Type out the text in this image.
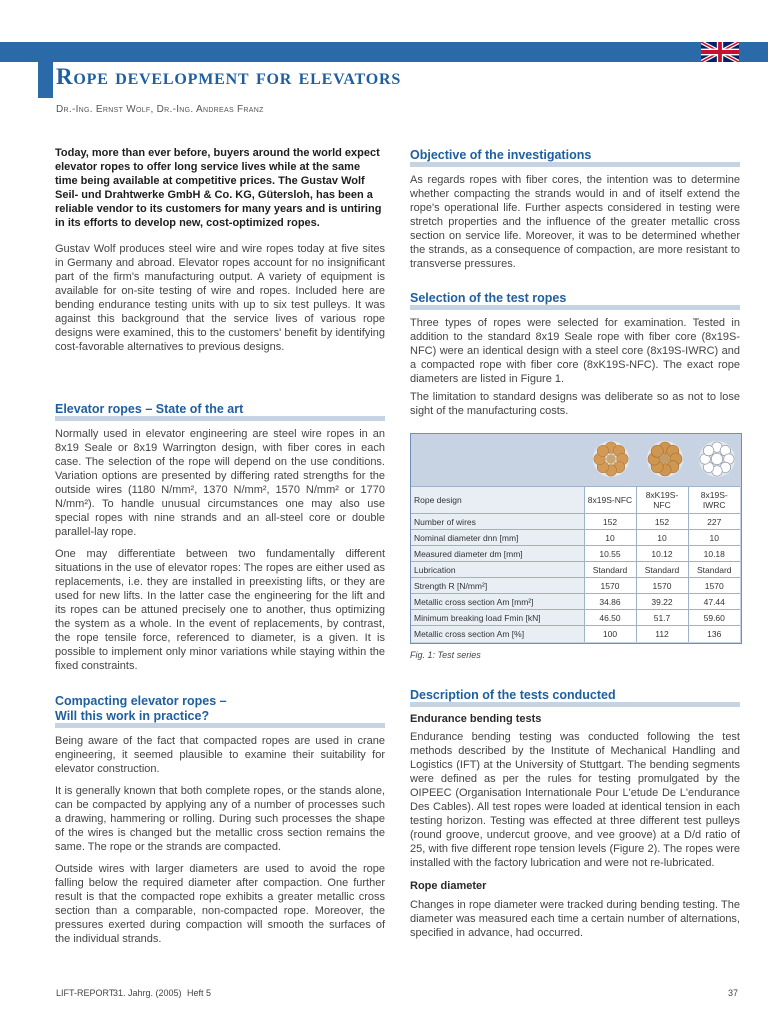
Rope development for elevators
Dr.-Ing. Ernst Wolf, Dr.-Ing. Andreas Franz
Today, more than ever before, buyers around the world expect elevator ropes to offer long service lives while at the same time being available at competitive prices. The Gustav Wolf Seil- und Drahtwerke GmbH & Co. KG, Gütersloh, has been a reliable vendor to its customers for many years and is untiring in its efforts to develop new, cost-optimized ropes.
Gustav Wolf produces steel wire and wire ropes today at five sites in Germany and abroad. Elevator ropes account for no insignificant part of the firm's manufacturing output. A variety of equipment is available for on-site testing of wire and ropes. Included here are bending endurance testing units with up to six test pulleys. It was against this background that the service lives of various rope designs were examined, this to the customers' benefit by identifying cost-favorable alternatives to previous designs.
Elevator ropes – State of the art
Normally used in elevator engineering are steel wire ropes in an 8x19 Seale or 8x19 Warrington design, with fiber cores in each case. The selection of the rope will depend on the use conditions. Variation options are presented by differing rated strengths for the outside wires (1180 N/mm², 1370 N/mm², 1570 N/mm² or 1770 N/mm²). To handle unusual circumstances one may also use special ropes with nine strands and an all-steel core or double parallel-lay rope.
One may differentiate between two fundamentally different situations in the use of elevator ropes: The ropes are either used as replacements, i.e. they are installed in preexisting lifts, or they are used for new lifts. In the latter case the engineering for the lift and its ropes can be attuned precisely one to another, thus optimizing the system as a whole. In the event of replacements, by contrast, the rope tensile force, referenced to diameter, is a given. It is possible to implement only minor variations while staying within the fixed constraints.
Compacting elevator ropes –
Will this work in practice?
Being aware of the fact that compacted ropes are used in crane engineering, it seemed plausible to examine their suitability for elevator construction.
It is generally known that both complete ropes, or the stands alone, can be compacted by applying any of a number of processes such a drawing, hammering or rolling. During such processes the shape of the wires is changed but the metallic cross section remains the same. The rope or the strands are compacted.
Outside wires with larger diameters are used to avoid the rope falling below the required diameter after compaction. One further result is that the compacted rope exhibits a greater metallic cross section than a comparable, non-compacted rope. Moreover, the pressures exerted during compaction will smooth the surfaces of the individual strands.
Objective of the investigations
As regards ropes with fiber cores, the intention was to determine whether compacting the strands would in and of itself extend the rope's operational life. Further aspects considered in testing were stretch properties and the influence of the greater metallic cross section on service life. Moreover, it was to be determined whether the strands, as a consequence of compaction, are more resistant to transverse pressures.
Selection of the test ropes
Three types of ropes were selected for examination. Tested in addition to the standard 8x19 Seale rope with fiber core (8x19S-NFC) were an identical design with a steel core (8x19S-IWRC) and a compacted rope with fiber core (8xK19S-NFC). The exact rope diameters are listed in Figure 1.
The limitation to standard designs was deliberate so as not to lose sight of the manufacturing costs.
Rope design	8x19S-NFC	8xK19S-NFC	8x19S-IWRC
Number of wires	152	152	227
Nominal diameter dnn [mm]	10	10	10
Measured diameter dm [mm]	10.55	10.12	10.18
Lubrication	Standard	Standard	Standard
Strength R [N/mm²]	1570	1570	1570
Metallic cross section Am [mm²]	34.86	39.22	47.44
Minimum breaking load Fmin [kN]	46.50	51.7	59.60
Metallic cross section Am [%]	100	112	136
Fig. 1: Test series
Description of the tests conducted
Endurance bending tests
Endurance bending testing was conducted following the test methods described by the Institute of Mechanical Handling and Logistics (IFT) at the University of Stuttgart. The bending segments were defined as per the rules for testing promulgated by the OIPEEC (Organisation Internationale Pour L'etude De L'endurance Des Cables). All test ropes were loaded at identical tension in each testing horizon. Testing was effected at three different test pulleys (round groove, undercut groove, and vee groove) at a D/d ratio of 25, with five different rope tension levels (Figure 2). The ropes were installed with the factory lubrication and were not re-lubricated.
Rope diameter
Changes in rope diameter were tracked during bending testing. The diameter was measured each time a certain number of alternations, specified in advance, had occurred.
LIFT-REPORT
31. Jahrg. (2005) Heft 5	37
